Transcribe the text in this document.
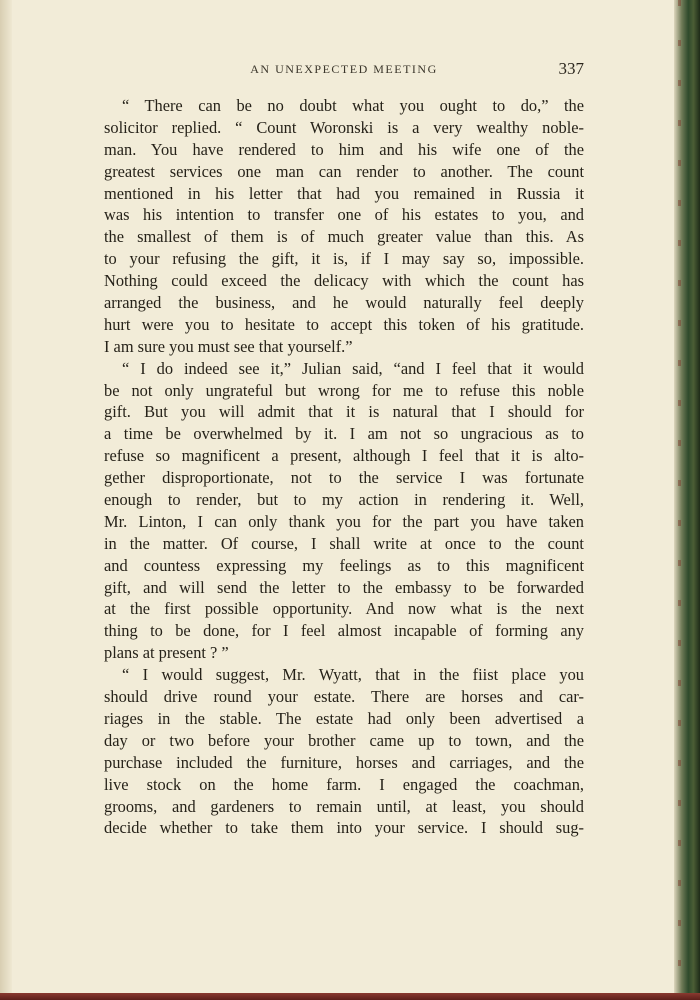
AN UNEXPECTED MEETING	337
“ There can be no doubt what you ought to do,” the
solicitor replied. “ Count Woronski is a very wealthy noble-
man. You have rendered to him and his wife one of the
greatest services one man can render to another. The count
mentioned in his letter that had you remained in Russia it
was his intention to transfer one of his estates to you, and
the smallest of them is of much greater value than this. As
to your refusing the gift, it is, if I may say so, impossible.
Nothing could exceed the delicacy with which the count has
arranged the business, and he would naturally feel deeply
hurt were you to hesitate to accept this token of his gratitude.
I am sure you must see that yourself.”
“ I do indeed see it,” Julian said, “and I feel that it would
be not only ungrateful but wrong for me to refuse this noble
gift. But you will admit that it is natural that I should for
a time be overwhelmed by it. I am not so ungracious as to
refuse so magnificent a present, although I feel that it is alto-
gether disproportionate, not to the service I was fortunate
enough to render, but to my action in rendering it. Well,
Mr. Linton, I can only thank you for the part you have taken
in the matter. Of course, I shall write at once to the count
and countess expressing my feelings as to this magnificent
gift, and will send the letter to the embassy to be forwarded
at the first possible opportunity. And now what is the next
thing to be done, for I feel almost incapable of forming any
plans at present ? ”
“ I would suggest, Mr. Wyatt, that in the fiist place you
should drive round your estate. There are horses and car-
riages in the stable. The estate had only been advertised a
day or two before your brother came up to town, and the
purchase included the furniture, horses and carriages, and the
live stock on the home farm. I engaged the coachman,
grooms, and gardeners to remain until, at least, you should
decide whether to take them into your service. I should sug-
